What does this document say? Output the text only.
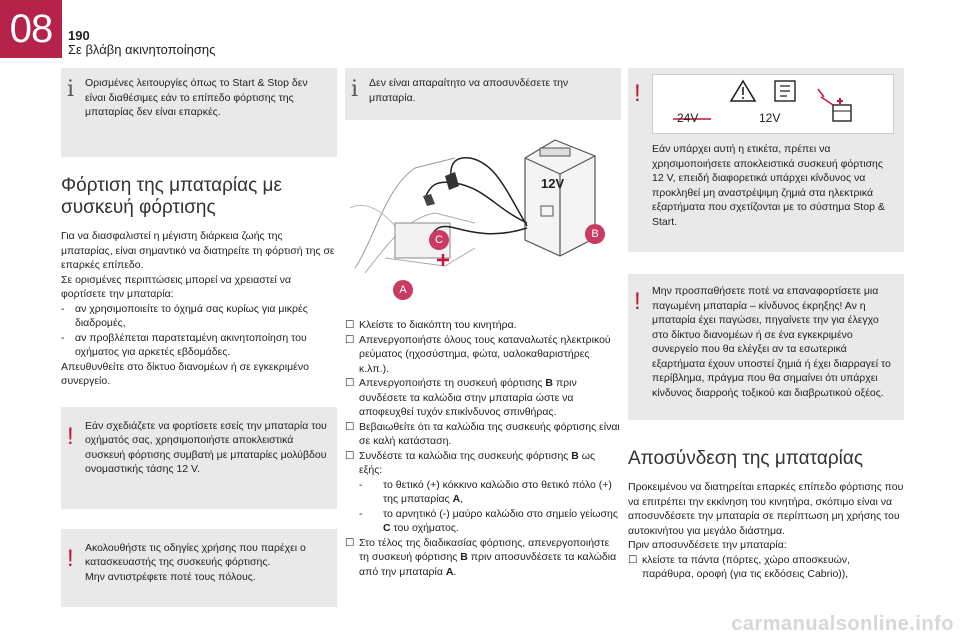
08	190
Σε βλάβη ακινητοποίησης
i Ορισμένες λειτουργίες όπως το Start & Stop δεν είναι διαθέσιμες εάν το επίπεδο φόρτισης της μπαταρίας δεν είναι επαρκές.
Φόρτιση της μπαταρίας με συσκευή φόρτισης
Για να διασφαλιστεί η μέγιστη διάρκεια ζωής της μπαταρίας, είναι σημαντικό να διατηρείτε τη φόρτισή της σε επαρκές επίπεδο.
Σε ορισμένες περιπτώσεις μπορεί να χρειαστεί να φορτίσετε την μπαταρία:
-	αν χρησιμοποιείτε το όχημά σας κυρίως για μικρές διαδρομές,
-	αν προβλέπεται παρατεταμένη ακινητοποίηση του οχήματος για αρκετές εβδομάδες.
Απευθυνθείτε στο δίκτυο διανομέων ή σε εγκεκριμένο συνεργείο.
! Εάν σχεδιάζετε να φορτίσετε εσείς την μπαταρία του οχήματός σας, χρησιμοποιήστε αποκλειστικά συσκευή φόρτισης συμβατή με μπαταρίες μολύβδου ονομαστικής τάσης 12 V.
! Ακολουθήστε τις οδηγίες χρήσης που παρέχει ο κατασκευαστής της συσκευής φόρτισης.
Μην αντιστρέφετε ποτέ τους πόλους.
i Δεν είναι απαραίτητο να αποσυνδέσετε την μπαταρία.
C
A
B
12V
☐ Κλείστε το διακόπτη του κινητήρα.
☐ Απενεργοποιήστε όλους τους καταναλωτές ηλεκτρικού ρεύματος (ηχοσύστημα, φώτα, υαλοκαθαριστήρες κ.λπ.).
☐ Απενεργοποιήστε τη συσκευή φόρτισης B πριν συνδέσετε τα καλώδια στην μπαταρία ώστε να αποφευχθεί τυχόν επικίνδυνος σπινθήρας.
☐ Βεβαιωθείτε ότι τα καλώδια της συσκευής φόρτισης είναι σε καλή κατάσταση.
☐ Συνδέστε τα καλώδια της συσκευής φόρτισης B ως εξής:
-	το θετικό (+) κόκκινο καλώδιο στο θετικό πόλο (+) της μπαταρίας A,
-	το αρνητικό (-) μαύρο καλώδιο στο σημείο γείωσης C του οχήματος.
☐ Στο τέλος της διαδικασίας φόρτισης, απενεργοποιήστε τη συσκευή φόρτισης B πριν αποσυνδέσετε τα καλώδια από την μπαταρία A.
!
24V	12V
Εάν υπάρχει αυτή η ετικέτα, πρέπει να χρησιμοποιήσετε αποκλειστικά συσκευή φόρτισης 12 V, επειδή διαφορετικά υπάρχει κίνδυνος να προκληθεί μη αναστρέψιμη ζημιά στα ηλεκτρικά εξαρτήματα που σχετίζονται με το σύστημα Stop & Start.
! Μην προσπαθήσετε ποτέ να επαναφορτίσετε μια παγωμένη μπαταρία – κίνδυνος έκρηξης! Αν η μπαταρία έχει παγώσει, πηγαίνετε την για έλεγχο στο δίκτυο διανομέων ή σε ένα εγκεκριμένο συνεργείο που θα ελέγξει αν τα εσωτερικά εξαρτήματα έχουν υποστεί ζημιά ή έχει διαρραγεί το περίβλημα, πράγμα που θα σημαίνει ότι υπάρχει κίνδυνος διαρροής τοξικού και διαβρωτικού οξέος.
Αποσύνδεση της μπαταρίας
Προκειμένου να διατηρείται επαρκές επίπεδο φόρτισης που να επιτρέπει την εκκίνηση του κινητήρα, σκόπιμο είναι να αποσυνδέσετε την μπαταρία σε περίπτωση μη χρήσης του αυτοκινήτου για μεγάλο διάστημα.
Πριν αποσυνδέσετε την μπαταρία:
☐ κλείστε τα πάντα (πόρτες, χώρο αποσκευών, παράθυρα, οροφή (για τις εκδόσεις Cabrio)),
carmanualsonline.info
